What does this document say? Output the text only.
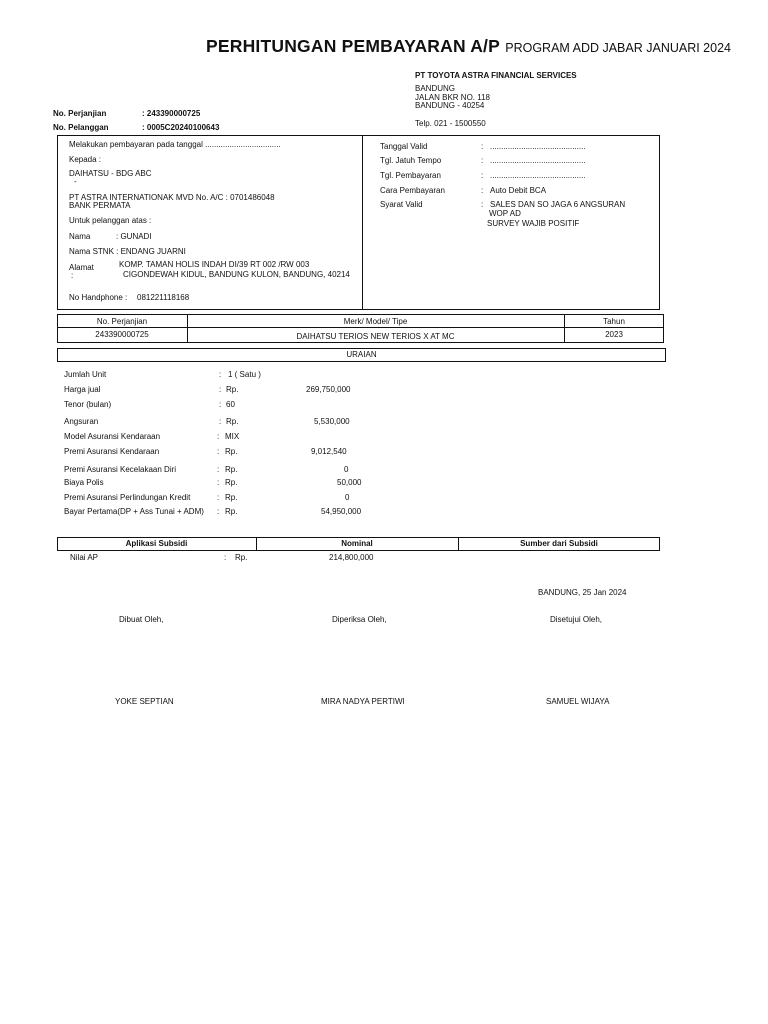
PERHITUNGAN PEMBAYARAN A/P PROGRAM ADD JABAR JANUARI 2024
PT TOYOTA ASTRA FINANCIAL SERVICES
BANDUNG
JALAN BKR NO. 118
BANDUNG - 40254
Telp. 021 - 1500550
No. Perjanjian	: 243390000725
No. Pelanggan	: 0005C20240100643
Melakukan pembayaran pada tanggal ..................................
Kepada :
DAIHATSU - BDG ABC
-
PT ASTRA INTERNATIONAK MVD No. A/C : 0701486048
BANK PERMATA
Untuk pelanggan atas :
Nama	: GUNADI
Nama STNK : ENDANG JUARNI
Alamat
:
KOMP. TAMAN HOLIS INDAH DI/39 RT 002 /RW 003
CIGONDEWAH KIDUL, BANDUNG KULON, BANDUNG, 40214
No Handphone : 081221118168
Tanggal Valid	: ...........................................
Tgl. Jatuh Tempo	: ...........................................
Tgl. Pembayaran	: ...........................................
Cara Pembayaran	: Auto Debit BCA
Syarat Valid	: SALES DAN SO JAGA 6 ANGSURAN
WOP AD
SURVEY WAJIB POSITIF
No. Perjanjian	Merk/ Model/ Tipe	Tahun
243390000725	DAIHATSU TERIOS NEW TERIOS X AT MC	2023
URAIAN
Jumlah Unit	: 1 ( Satu )
Harga jual	: Rp.	269,750,000
Tenor (bulan)	: 60
Angsuran	: Rp.	5,530,000
Model Asuransi Kendaraan	: MIX
Premi Asuransi Kendaraan	: Rp.	9,012,540
Premi Asuransi Kecelakaan Diri	: Rp.	0
Biaya Polis	: Rp.	50,000
Premi Asuransi Perlindungan Kredit	: Rp.	0
Bayar Pertama(DP + Ass Tunai + ADM) : Rp.	54,950,000
Aplikasi Subsidi	Nominal	Sumber dari Subsidi
Nilai AP	: Rp.	214,800,000
BANDUNG, 25 Jan 2024
Dibuat Oleh,	Diperiksa Oleh,	Disetujui Oleh,
YOKE SEPTIAN	MIRA NADYA PERTIWI	SAMUEL WIJAYA
